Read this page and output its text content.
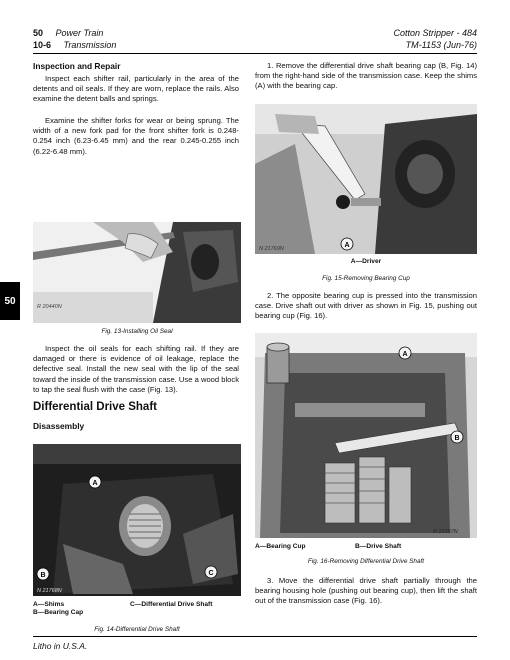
50 Power Train
10-6 Transmission
Cotton Stripper - 484
TM-1153 (Jun-76)
50
Inspection and Repair
Inspect each shifter rail, particularly in the area of the detents and oil seals. If they are worn, replace the rails. Also examine the detent balls and springs.
Examine the shifter forks for wear or being sprung. The width of a new fork pad for the front shifter fork is 0.248-0.254 inch (6.23-6.45 mm) and the rear 0.245-0.255 inch (6.22-6.48 mm).
R 20440N
Fig. 13-Installing Oil Seal
Inspect the oil seals for each shifting rail. If they are damaged or there is evidence of oil leakage, replace the defective seal. Install the new seal with the lip of the seal toward the inside of the transmission case. Use a wood block to tap the seal flush with the case (Fig. 13).
Differential Drive Shaft
Disassembly
A
B	C
N 21768N
A—Shims
B—Bearing Cap
C—Differential Drive Shaft
Fig. 14-Differential Drive Shaft
Litho in U.S.A.
1. Remove the differential drive shaft bearing cap (B, Fig. 14) from the right-hand side of the transmission case. Keep the shims (A) with the bearing cap.
A
N 21769N
A—Driver
Fig. 15-Removing Bearing Cup
2. The opposite bearing cup is pressed into the transmission case. Drive shaft out with driver as shown in Fig. 15, pushing out bearing cup (Fig. 16).
A
B
N 21557N
A—Bearing Cup	B—Drive Shaft
Fig. 16-Removing Differential Drive Shaft
3. Move the differential drive shaft partially through the bearing housing hole (pushing out bearing cup), then lift the shaft out of the transmission case (Fig. 16).
